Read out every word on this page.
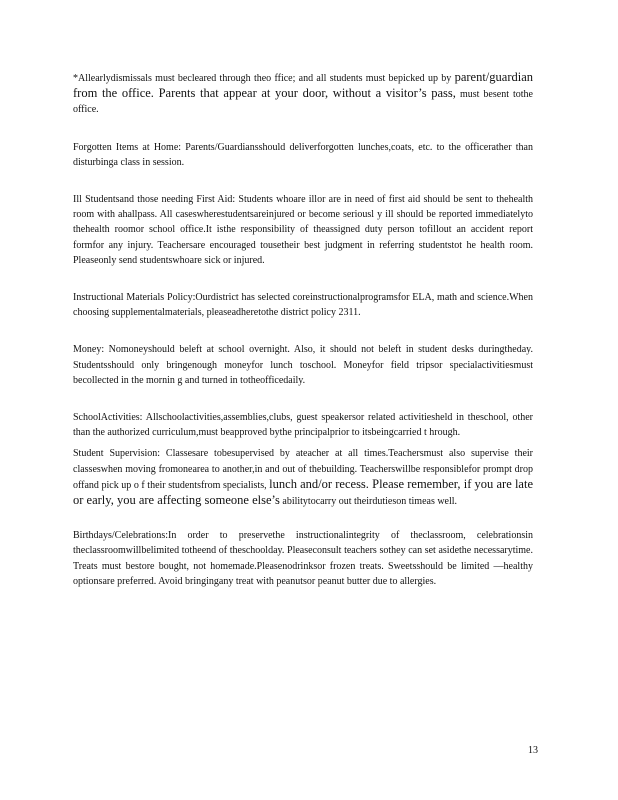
*Allearlydismissals must becleared through theo ffice; and all students must bepicked up by parent/guardian from the office. Parents that appear at your door, without a visitor’s pass, must besent tothe office.

Forgotten Items at Home: Parents/Guardiansshould deliverforgotten lunches,coats, etc. to the officerather than disturbinga class in session.

Ill Studentsand those needing First Aid: Students whoare illor are in need of first aid should be sent to thehealth room with ahallpass. All caseswherestudentsareinjured or become seriousl y ill should be reported immediatelyto thehealth roomor school office.It isthe responsibility of theassigned duty person tofillout an accident report formfor any injury. Teachersare encouraged tousetheir best judgment in referring studentstot he health room. Pleaseonly send studentswhoare sick or injured.

Instructional Materials Policy:Ourdistrict has selected coreinstructionalprogramsfor ELA, math and science.When choosing supplementalmaterials, pleaseadheretothe district policy 2311.

Money: Nomoneyshould beleft at school overnight. Also, it should not beleft in student desks duringtheday. Studentsshould only bringenough moneyfor lunch toschool. Moneyfor field tripsor specialactivitiesmust becollected in the mornin g and turned in totheofficedaily.

SchoolActivities: Allschoolactivities,assemblies,clubs, guest speakersor related activitiesheld in theschool, other than the authorized curriculum,must beapproved bythe principalprior to itsbeingcarried t hrough.

Student Supervision: Classesare tobesupervised by ateacher at all times.Teachersmust also supervise their classeswhen moving fromonearea to another,in and out of thebuilding. Teacherswillbe responsiblefor prompt drop offand pick up o f their studentsfrom specialists, lunch and/or recess. Please remember, if you are late or early, you are affecting someone else’s abilitytocarry out theirdutieson timeas well.

Birthdays/Celebrations:In order to preservethe instructionalintegrity of theclassroom, celebrationsin theclassroomwillbelimited totheend of theschoolday. Pleaseconsult teachers sothey can set asidethe necessarytime. Treats must bestore bought, not homemade.Pleasenodrinksor frozen treats. Sweetsshould be limited —healthy optionsare preferred. Avoid bringingany treat with peanutsor peanut butter due to allergies.

13
